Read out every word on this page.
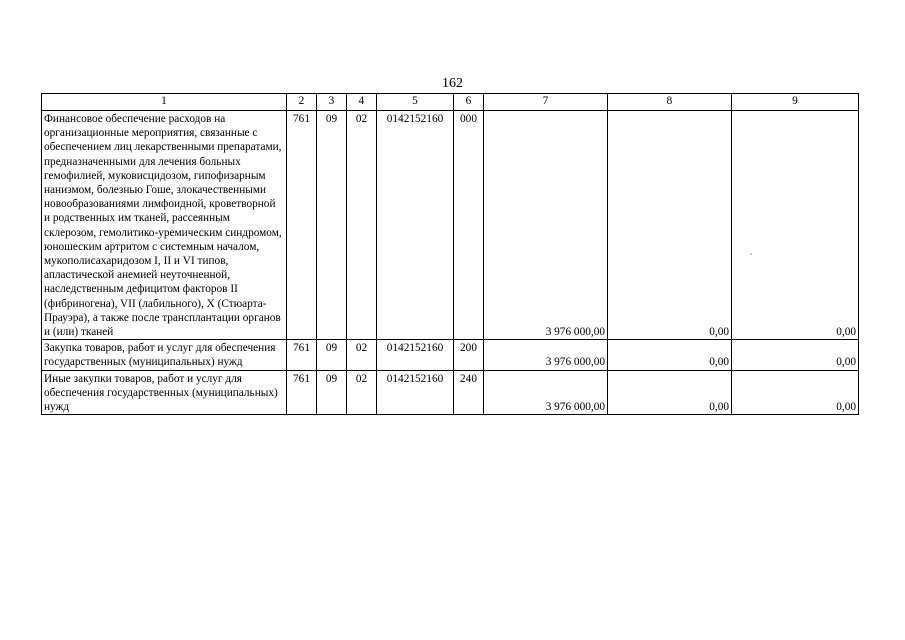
162
1	2	3	4	5	6	7	8	9
Финансовое обеспечение расходов на организационные мероприятия, связанные с обеспечением лиц лекарственными препаратами, предназначенными для лечения больных гемофилией, муковисцидозом, гипофизарным нанизмом, болезнью Гоше, злокачественными новообразованиями лимфоидной, кроветворной и родственных им тканей, рассеянным склерозом, гемолитико-уремическим синдромом, юношеским артритом с системным началом, мукополисахаридозом I, II и VI типов, апластической анемией неуточненной, наследственным дефицитом факторов II (фибриногена), VII (лабильного), X (Стюарта-Прауэра), а также после трансплантации органов и (или) тканей	761	09	02	0142152160	000	3 976 000,00	0,00	0,00
Закупка товаров, работ и услуг для обеспечения государственных (муниципальных) нужд	761	09	02	0142152160	200	3 976 000,00	0,00	0,00
Иные закупки товаров, работ и услуг для обеспечения государственных (муниципальных) нужд	761	09	02	0142152160	240	3 976 000,00	0,00	0,00
